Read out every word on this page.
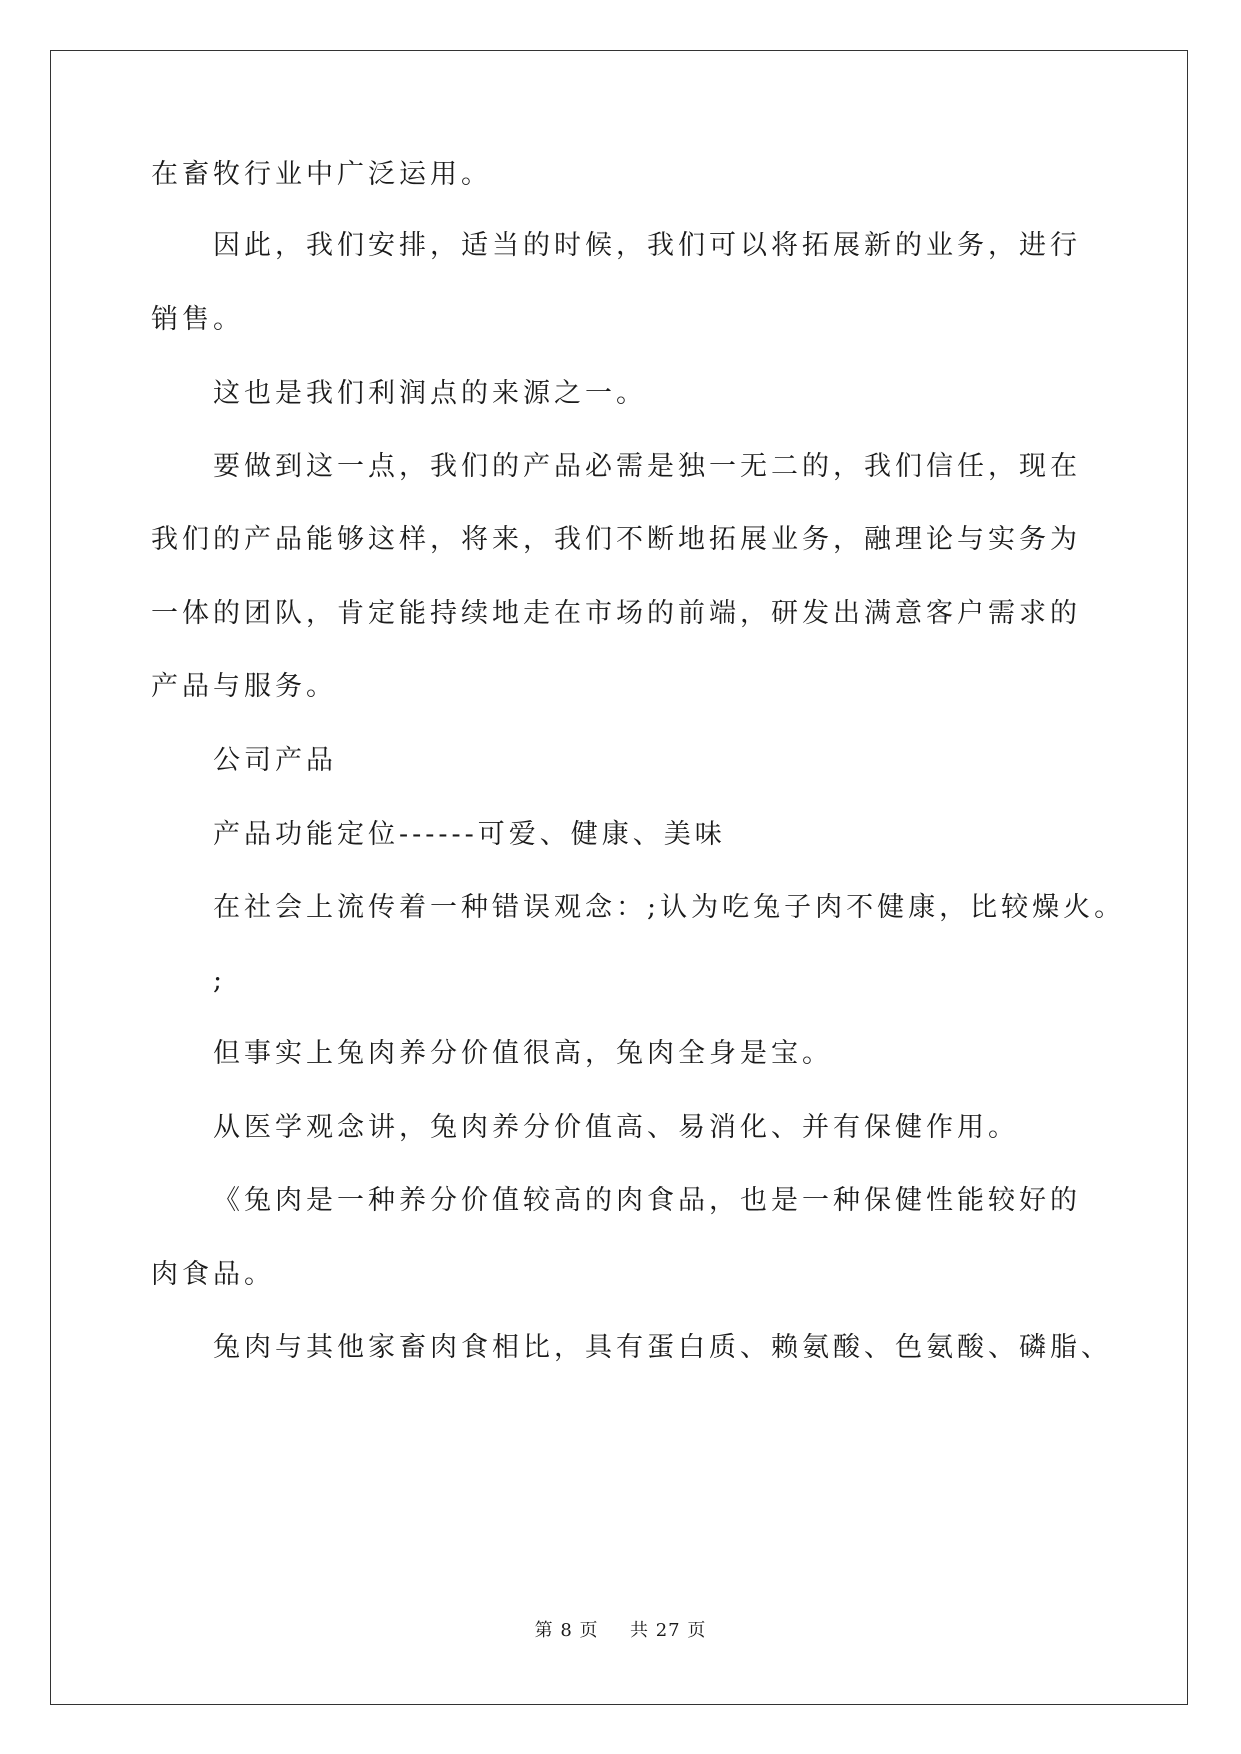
在畜牧行业中广泛运用。
因此，我们安排，适当的时候，我们可以将拓展新的业务，进行
销售。
这也是我们利润点的来源之一。
要做到这一点，我们的产品必需是独一无二的，我们信任，现在
我们的产品能够这样，将来，我们不断地拓展业务，融理论与实务为
一体的团队，肯定能持续地走在市场的前端，研发出满意客户需求的
产品与服务。
公司产品
产品功能定位------可爱、健康、美味
在社会上流传着一种错误观念：;认为吃兔子肉不健康，比较燥火。
;
但事实上兔肉养分价值很高，兔肉全身是宝。
从医学观念讲，兔肉养分价值高、易消化、并有保健作用。
《兔肉是一种养分价值较高的肉食品，也是一种保健性能较好的
肉食品。
兔肉与其他家畜肉食相比，具有蛋白质、赖氨酸、色氨酸、磷脂、
第 8 页 共 27 页
